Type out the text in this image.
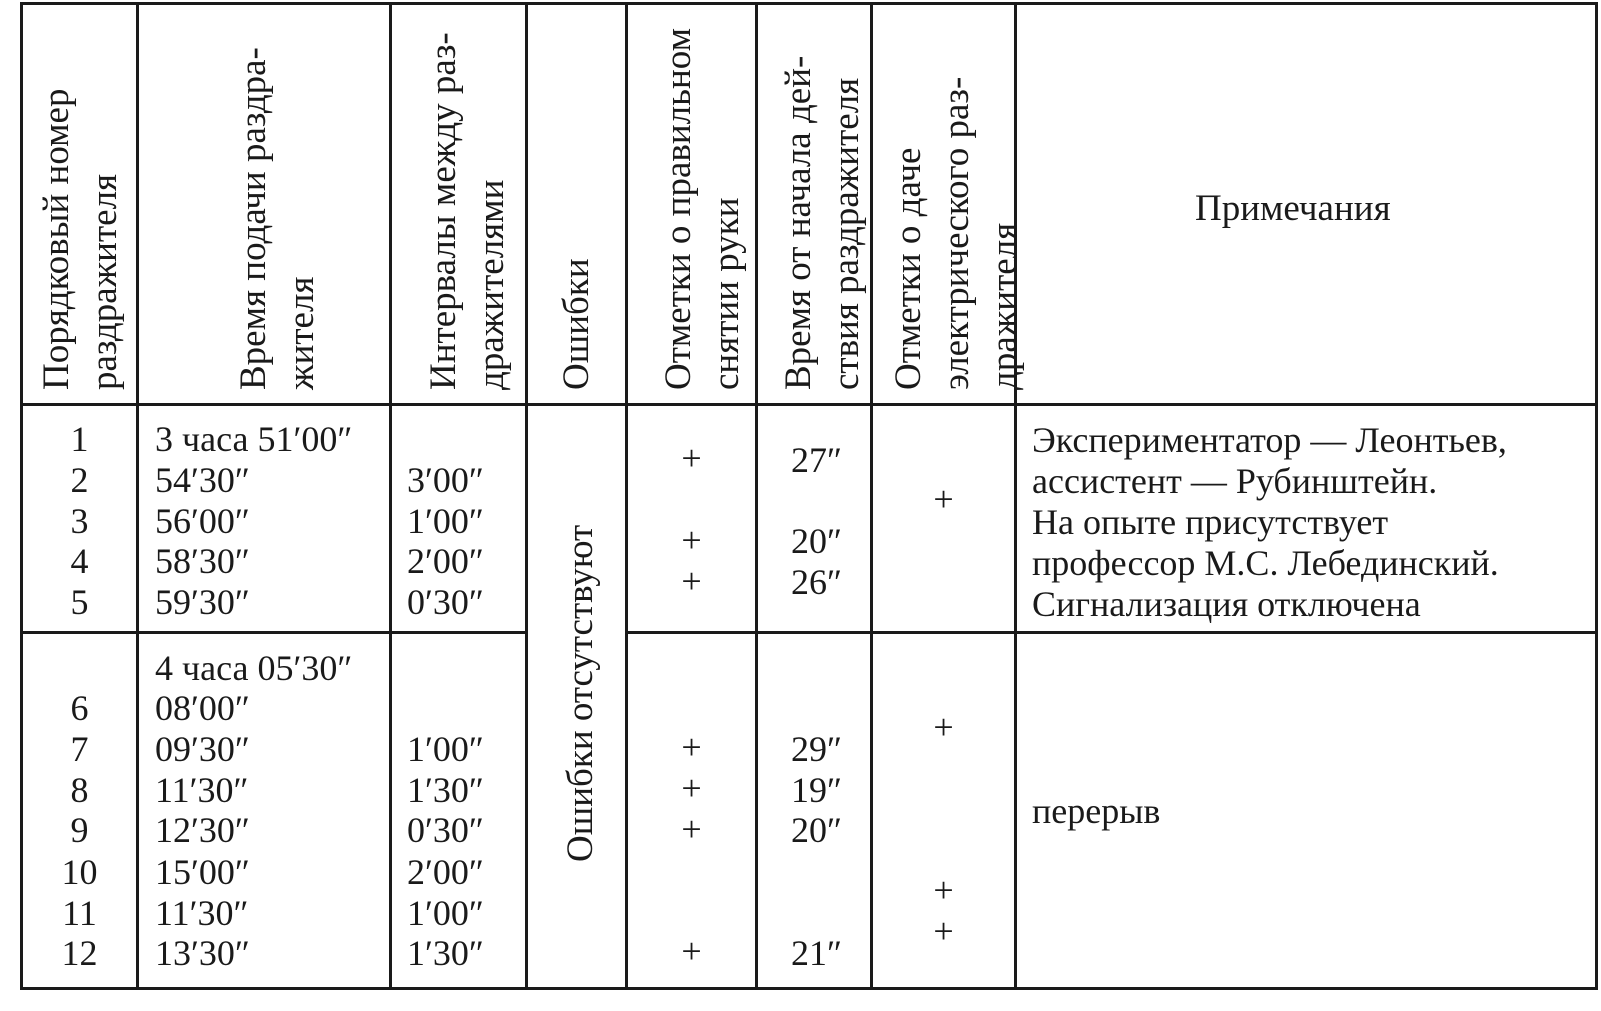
Порядковый номер
раздражителя	Время подачи раздра-
жителя	Интервалы между раз-
дражителями Ошибки Отметки о правильном
снятии руки
Время от начала дей-
ствия раздражителя
Отметки о даче
электрического раз-
дражителя
Примечания
Ошибки отсутствуют
1
2
3
4
5
3 часа 51′00″
54′30″
56′00″
58′30″
59′30″
3′00″
1′00″
2′00″
0′30″
+
+
+
27″
20″
26″
+
Экспериментатор — Леонтьев,
ассистент — Рубинштейн.
На опыте присутствует
профессор М.С. Лебединский.
Сигнализация отключена
4 часа 05′30″
6
7
8
9
10
11
12
08′00″
09′30″
11′30″
12′30″
15′00″
11′30″
13′30″
1′00″
1′30″
0′30″
2′00″
1′00″
1′30″
+
+
+
+
29″
19″
20″
21″
+
+
+
перерыв
